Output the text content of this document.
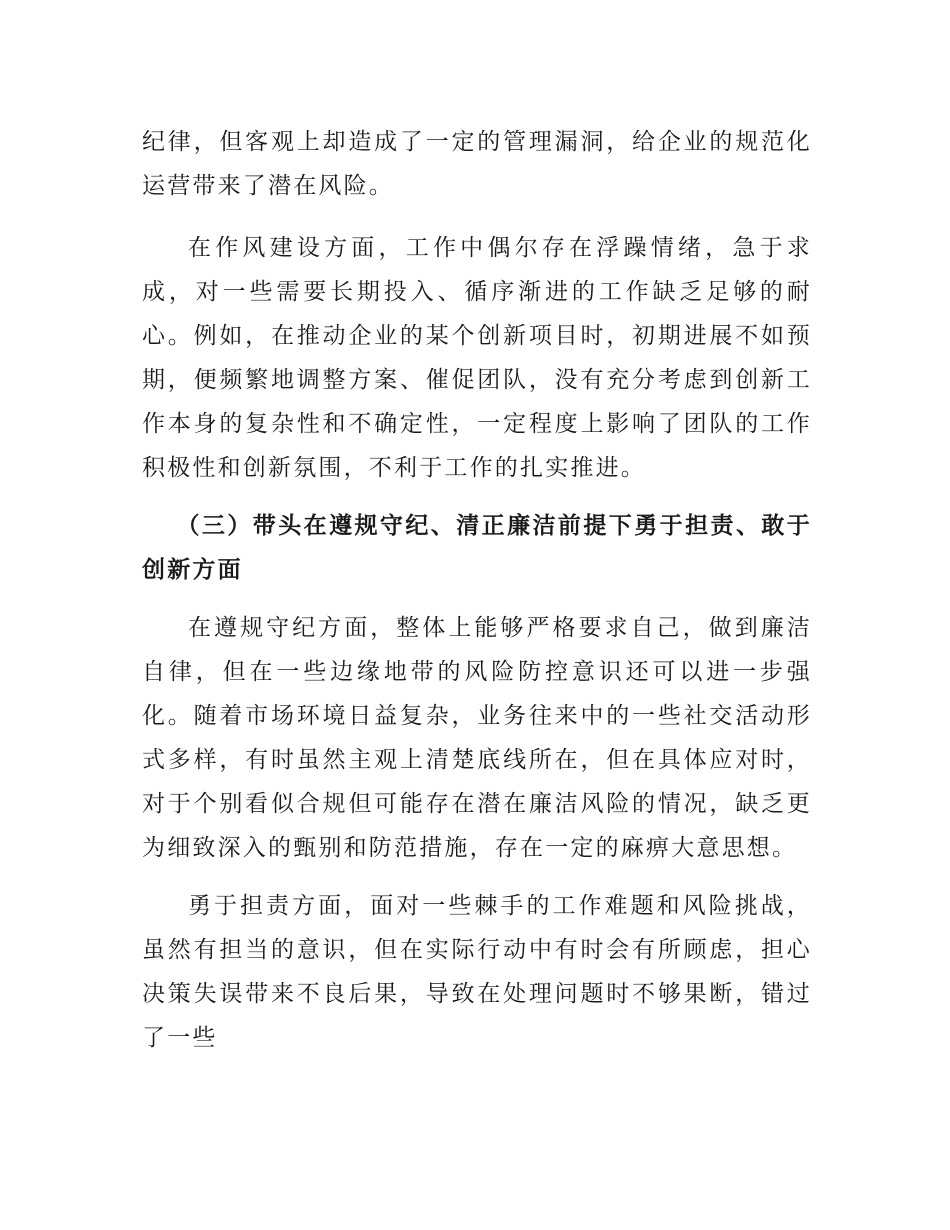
纪律，但客观上却造成了一定的管理漏洞，给企业的规范化运营带来了潜在风险。

在作风建设方面，工作中偶尔存在浮躁情绪，急于求成，对一些需要长期投入、循序渐进的工作缺乏足够的耐心。例如，在推动企业的某个创新项目时，初期进展不如预期，便频繁地调整方案、催促团队，没有充分考虑到创新工作本身的复杂性和不确定性，一定程度上影响了团队的工作积极性和创新氛围，不利于工作的扎实推进。

（三）带头在遵规守纪、清正廉洁前提下勇于担责、敢于创新方面

在遵规守纪方面，整体上能够严格要求自己，做到廉洁自律，但在一些边缘地带的风险防控意识还可以进一步强化。随着市场环境日益复杂，业务往来中的一些社交活动形式多样，有时虽然主观上清楚底线所在，但在具体应对时，对于个别看似合规但可能存在潜在廉洁风险的情况，缺乏更为细致深入的甄别和防范措施，存在一定的麻痹大意思想。

勇于担责方面，面对一些棘手的工作难题和风险挑战，虽然有担当的意识，但在实际行动中有时会有所顾虑，担心决策失误带来不良后果，导致在处理问题时不够果断，错过了一些
